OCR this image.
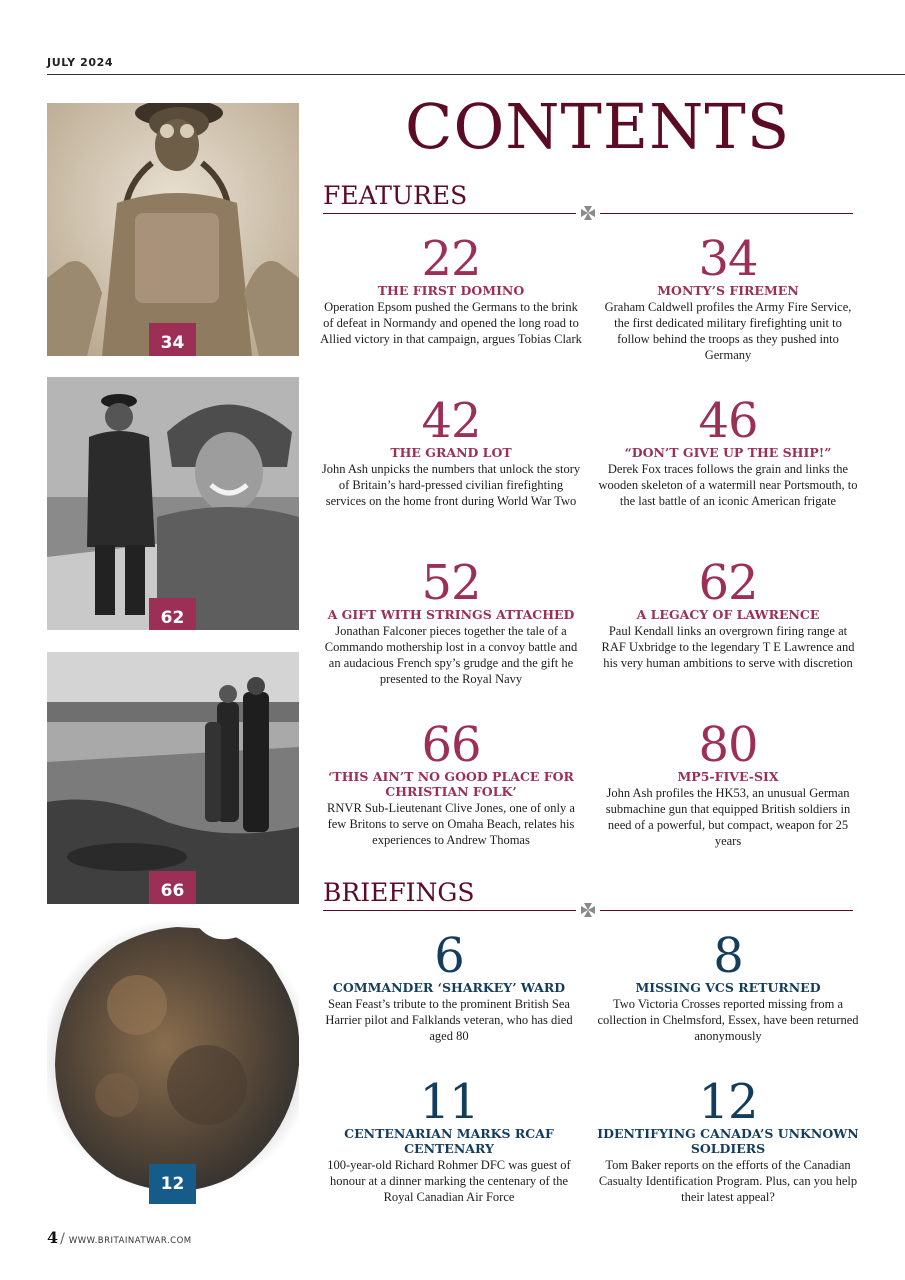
JULY 2024
34
62
66
12
CONTENTS
FEATURES
22
THE FIRST DOMINO
Operation Epsom pushed the Germans to the brink of defeat in Normandy and opened the long road to Allied victory in that campaign, argues Tobias Clark
34
MONTY’S FIREMEN
Graham Caldwell profiles the Army Fire Service, the first dedicated military firefighting unit to follow behind the troops as they pushed into Germany
42
THE GRAND LOT
John Ash unpicks the numbers that unlock the story of Britain’s hard-pressed civilian firefighting services on the home front during World War Two
46
“DON’T GIVE UP THE SHIP!”
Derek Fox traces follows the grain and links the wooden skeleton of a watermill near Portsmouth, to the last battle of an iconic American frigate
52
A GIFT WITH STRINGS ATTACHED
Jonathan Falconer pieces together the tale of a Commando mothership lost in a convoy battle and an audacious French spy’s grudge and the gift he presented to the Royal Navy
62
A LEGACY OF LAWRENCE
Paul Kendall links an overgrown firing range at RAF Uxbridge to the legendary T E Lawrence and his very human ambitions to serve with discretion
66
‘THIS AIN’T NO GOOD PLACE FOR CHRISTIAN FOLK’
RNVR Sub-Lieutenant Clive Jones, one of only a few Britons to serve on Omaha Beach, relates his experiences to Andrew Thomas
80
MP5-FIVE-SIX
John Ash profiles the HK53, an unusual German submachine gun that equipped British soldiers in need of a powerful, but compact, weapon for 25 years
BRIEFINGS
6
COMMANDER ‘SHARKEY’ WARD
Sean Feast’s tribute to the prominent British Sea Harrier pilot and Falklands veteran, who has died aged 80
8
MISSING VCS RETURNED
Two Victoria Crosses reported missing from a collection in Chelmsford, Essex, have been returned anonymously
11
CENTENARIAN MARKS RCAF CENTENARY
100-year-old Richard Rohmer DFC was guest of honour at a dinner marking the centenary of the Royal Canadian Air Force
12
IDENTIFYING CANADA’S UNKNOWN SOLDIERS
Tom Baker reports on the efforts of the Canadian Casualty Identification Program. Plus, can you help their latest appeal?
4 / WWW.BRITAINATWAR.COM
